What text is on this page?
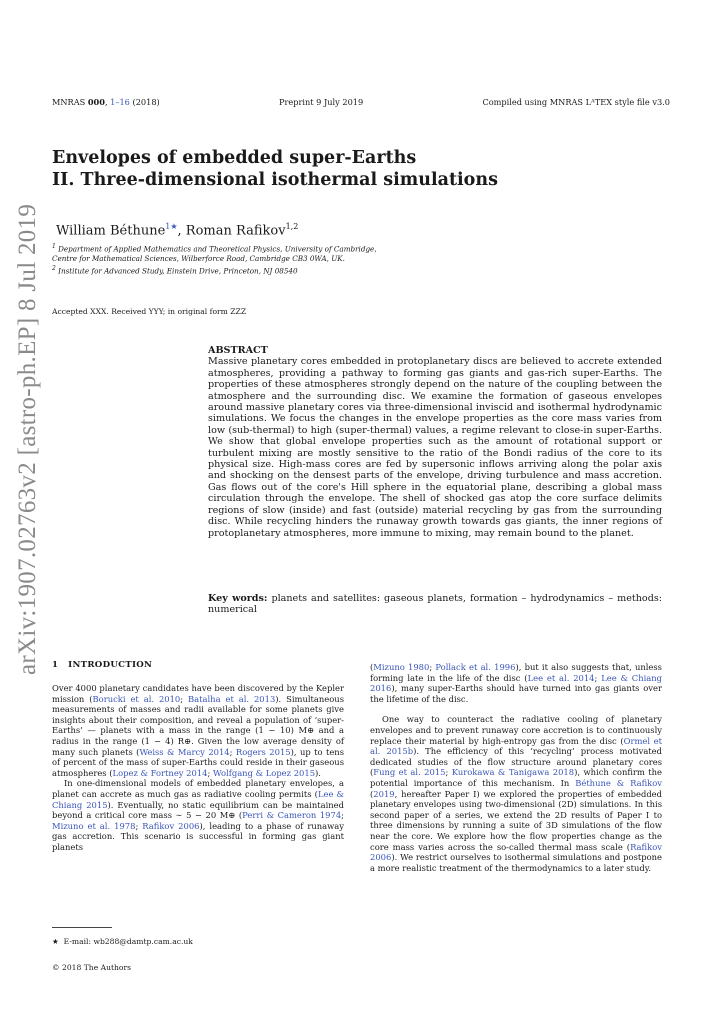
MNRAS 000, 1–16 (2018)	Preprint 9 July 2019	Compiled using MNRAS LᴬTEX style file v3.0
Envelopes of embedded super-Earths
II. Three-dimensional isothermal simulations
William Béthune$^{1★}$, Roman Rafikov$^{1,2}$
$^1$ Department of Applied Mathematics and Theoretical Physics, University of Cambridge,
Centre for Mathematical Sciences, Wilberforce Road, Cambridge CB3 0WA, UK.
$^2$ Institute for Advanced Study, Einstein Drive, Princeton, NJ 08540
Accepted XXX. Received YYY; in original form ZZZ
arXiv:1907.02763v2 [astro-ph.EP] 8 Jul 2019	ABSTRACT

Massive planetary cores embedded in protoplanetary discs are believed to accrete extended atmospheres, providing a pathway to forming gas giants and gas-rich super-Earths. The properties of these atmospheres strongly depend on the nature of the coupling between the atmosphere and the surrounding disc. We examine the formation of gaseous envelopes around massive planetary cores via three-dimensional inviscid and isothermal hydrodynamic simulations. We focus the changes in the envelope properties as the core mass varies from low (sub-thermal) to high (super-thermal) values, a regime relevant to close-in super-Earths. We show that global envelope properties such as the amount of rotational support or turbulent mixing are mostly sensitive to the ratio of the Bondi radius of the core to its physical size. High-mass cores are fed by supersonic inflows arriving along the polar axis and shocking on the densest parts of the envelope, driving turbulence and mass accretion. Gas flows out of the core's Hill sphere in the equatorial plane, describing a global mass circulation through the envelope. The shell of shocked gas atop the core surface delimits regions of slow (inside) and fast (outside) material recycling by gas from the surrounding disc. While recycling hinders the runaway growth towards gas giants, the inner regions of protoplanetary atmospheres, more immune to mixing, may remain bound to the planet.

Key words: planets and satellites: gaseous planets, formation – hydrodynamics – methods: numerical
1 INTRODUCTION

Over 4000 planetary candidates have been discovered by the Kepler mission (Borucki et al. 2010; Batalha et al. 2013). Simultaneous measurements of masses and radii available for some planets give insights about their composition, and reveal a population of ‘super-Earths’ — planets with a mass in the range (1 − 10) M⊕ and a radius in the range (1 − 4) R⊕. Given the low average density of many such planets (Weiss & Marcy 2014; Rogers 2015), up to tens of percent of the mass of super-Earths could reside in their gaseous atmospheres (Lopez & Fortney 2014; Wolfgang & Lopez 2015).

In one-dimensional models of embedded planetary envelopes, a planet can accrete as much gas as radiative cooling permits (Lee & Chiang 2015). Eventually, no static equilibrium can be maintained beyond a critical core mass ∼ 5 − 20 M⊕ (Perri & Cameron 1974; Mizuno et al. 1978; Rafikov 2006), leading to a phase of runaway gas accretion. This scenario is successful in forming gas giant planets

(Mizuno 1980; Pollack et al. 1996), but it also suggests that, unless forming late in the life of the disc (Lee et al. 2014; Lee & Chiang 2016), many super-Earths should have turned into gas giants over the lifetime of the disc.

One way to counteract the radiative cooling of planetary envelopes and to prevent runaway core accretion is to continuously replace their material by high-entropy gas from the disc (Ormel et al. 2015b). The efficiency of this ‘recycling’ process motivated dedicated studies of the flow structure around planetary cores (Fung et al. 2015; Kurokawa & Tanigawa 2018), which confirm the potential importance of this mechanism. In Béthune & Rafikov (2019, hereafter Paper I) we explored the properties of embedded planetary envelopes using two-dimensional (2D) simulations. In this second paper of a series, we extend the 2D results of Paper I to three dimensions by running a suite of 3D simulations of the flow near the core. We explore how the flow properties change as the core mass varies across the so-called thermal mass scale (Rafikov 2006). We restrict ourselves to isothermal simulations and postpone a more realistic treatment of the thermodynamics to a later study.

★ E-mail: wb288@damtp.cam.ac.uk
© 2018 The Authors
